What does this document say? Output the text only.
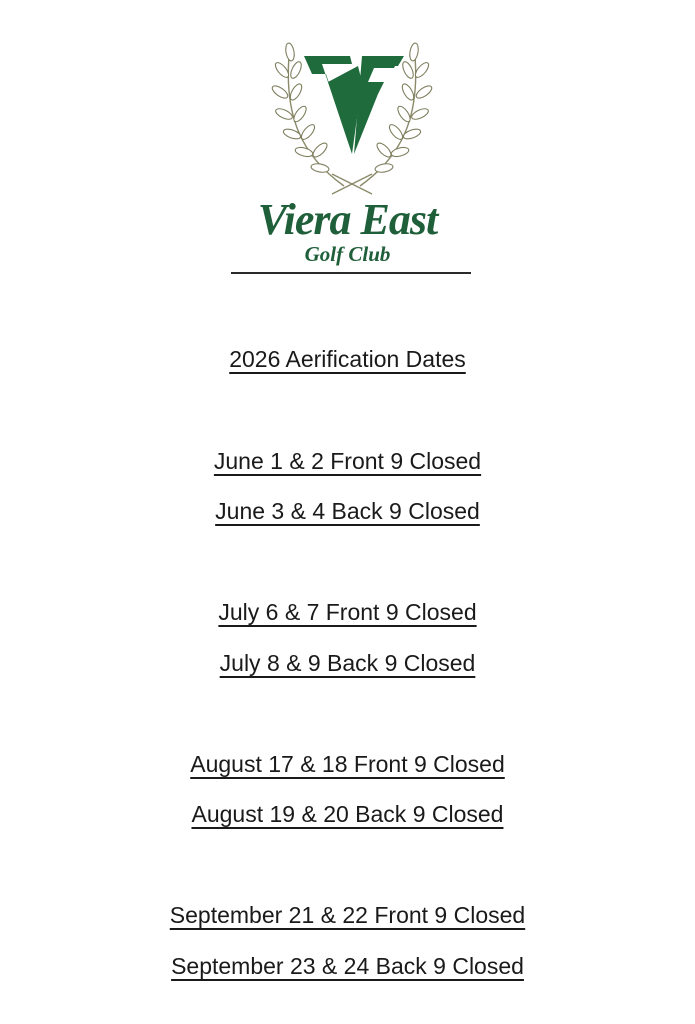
Viera East
Golf Club
2026 Aerification Dates
June 1 & 2 Front 9 Closed
June 3 & 4 Back 9 Closed
July 6 & 7 Front 9 Closed
July 8 & 9 Back 9 Closed
August 17 & 18 Front 9 Closed
August 19 & 20 Back 9 Closed
September 21 & 22 Front 9 Closed
September 23 & 24 Back 9 Closed
